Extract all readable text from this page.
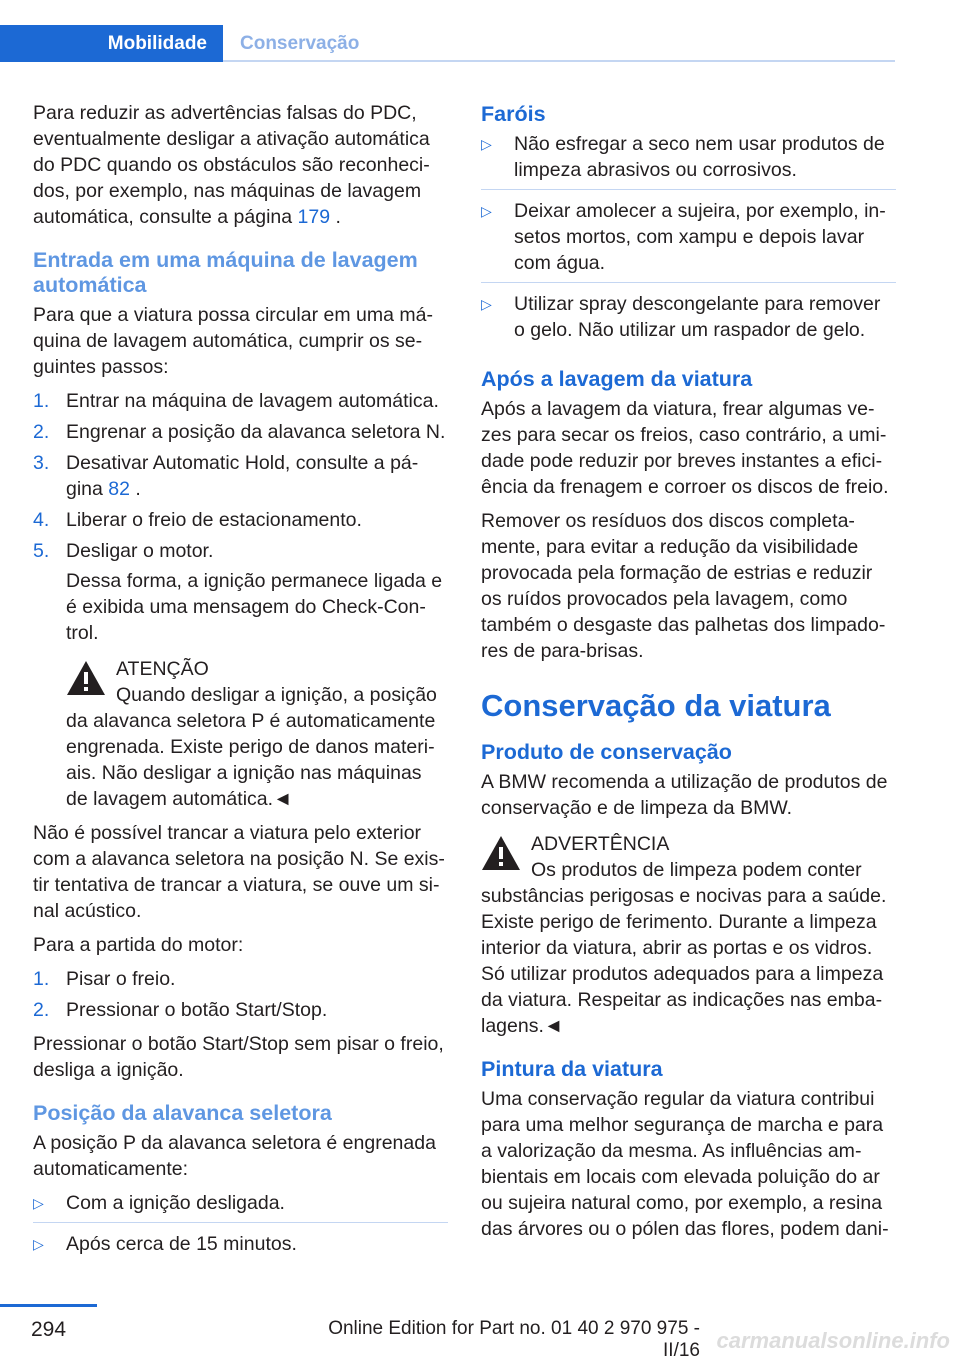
Mobilidade	Conservação

Para reduzir as advertências falsas do PDC, eventualmente desligar a ativação automática do PDC quando os obstáculos são reconhecidos, por exemplo, nas máquinas de lavagem automática, consulte a página 179 .

Entrada em uma máquina de lavagem automática

Para que a viatura possa circular em uma máquina de lavagem automática, cumprir os seguintes passos:

1. Entrar na máquina de lavagem automática.
2. Engrenar a posição da alavanca seletora N.
3. Desativar Automatic Hold, consulte a página 82 .
4. Liberar o freio de estacionamento.
5. Desligar o motor.
Dessa forma, a ignição permanece ligada e é exibida uma mensagem do Check-Control.
ATENÇÃO
Quando desligar a ignição, a posição da alavanca seletora P é automaticamente engrenada. Existe perigo de danos materiais. Não desligar a ignição nas máquinas de lavagem automática.◄

Não é possível trancar a viatura pelo exterior com a alavanca seletora na posição N. Se existir tentativa de trancar a viatura, se ouve um sinal acústico.

Para a partida do motor:

1. Pisar o freio.
2. Pressionar o botão Start/Stop.

Pressionar o botão Start/Stop sem pisar o freio, desliga a ignição.

Posição da alavanca seletora

A posição P da alavanca seletora é engrenada automaticamente:

▷ Com a ignição desligada.
▷ Após cerca de 15 minutos.
Faróis
▷ Não esfregar a seco nem usar produtos de limpeza abrasivos ou corrosivos.
▷ Deixar amolecer a sujeira, por exemplo, insetos mortos, com xampu e depois lavar com água.
▷ Utilizar spray descongelante para remover o gelo. Não utilizar um raspador de gelo.
Após a lavagem da viatura

Após a lavagem da viatura, frear algumas vezes para secar os freios, caso contrário, a umidade pode reduzir por breves instantes a eficiência da frenagem e corroer os discos de freio.

Remover os resíduos dos discos completamente, para evitar a redução da visibilidade provocada pela formação de estrias e reduzir os ruídos provocados pela lavagem, como também o desgaste das palhetas dos limpadores de para-brisas.

Conservação da viatura
Produto de conservação

A BMW recomenda a utilização de produtos de conservação e de limpeza da BMW.

ADVERTÊNCIA
Os produtos de limpeza podem conter substâncias perigosas e nocivas para a saúde. Existe perigo de ferimento. Durante a limpeza interior da viatura, abrir as portas e os vidros. Só utilizar produtos adequados para a limpeza da viatura. Respeitar as indicações nas embalagens.◄
Pintura da viatura

Uma conservação regular da viatura contribui para uma melhor segurança de marcha e para a valorização da mesma. As influências ambientais em locais com elevada poluição do ar ou sujeira natural como, por exemplo, a resina das árvores ou o pólen das flores, podem dani-

294	Online Edition for Part no. 01 40 2 970 975 - II/16 carmanualsonline.info
